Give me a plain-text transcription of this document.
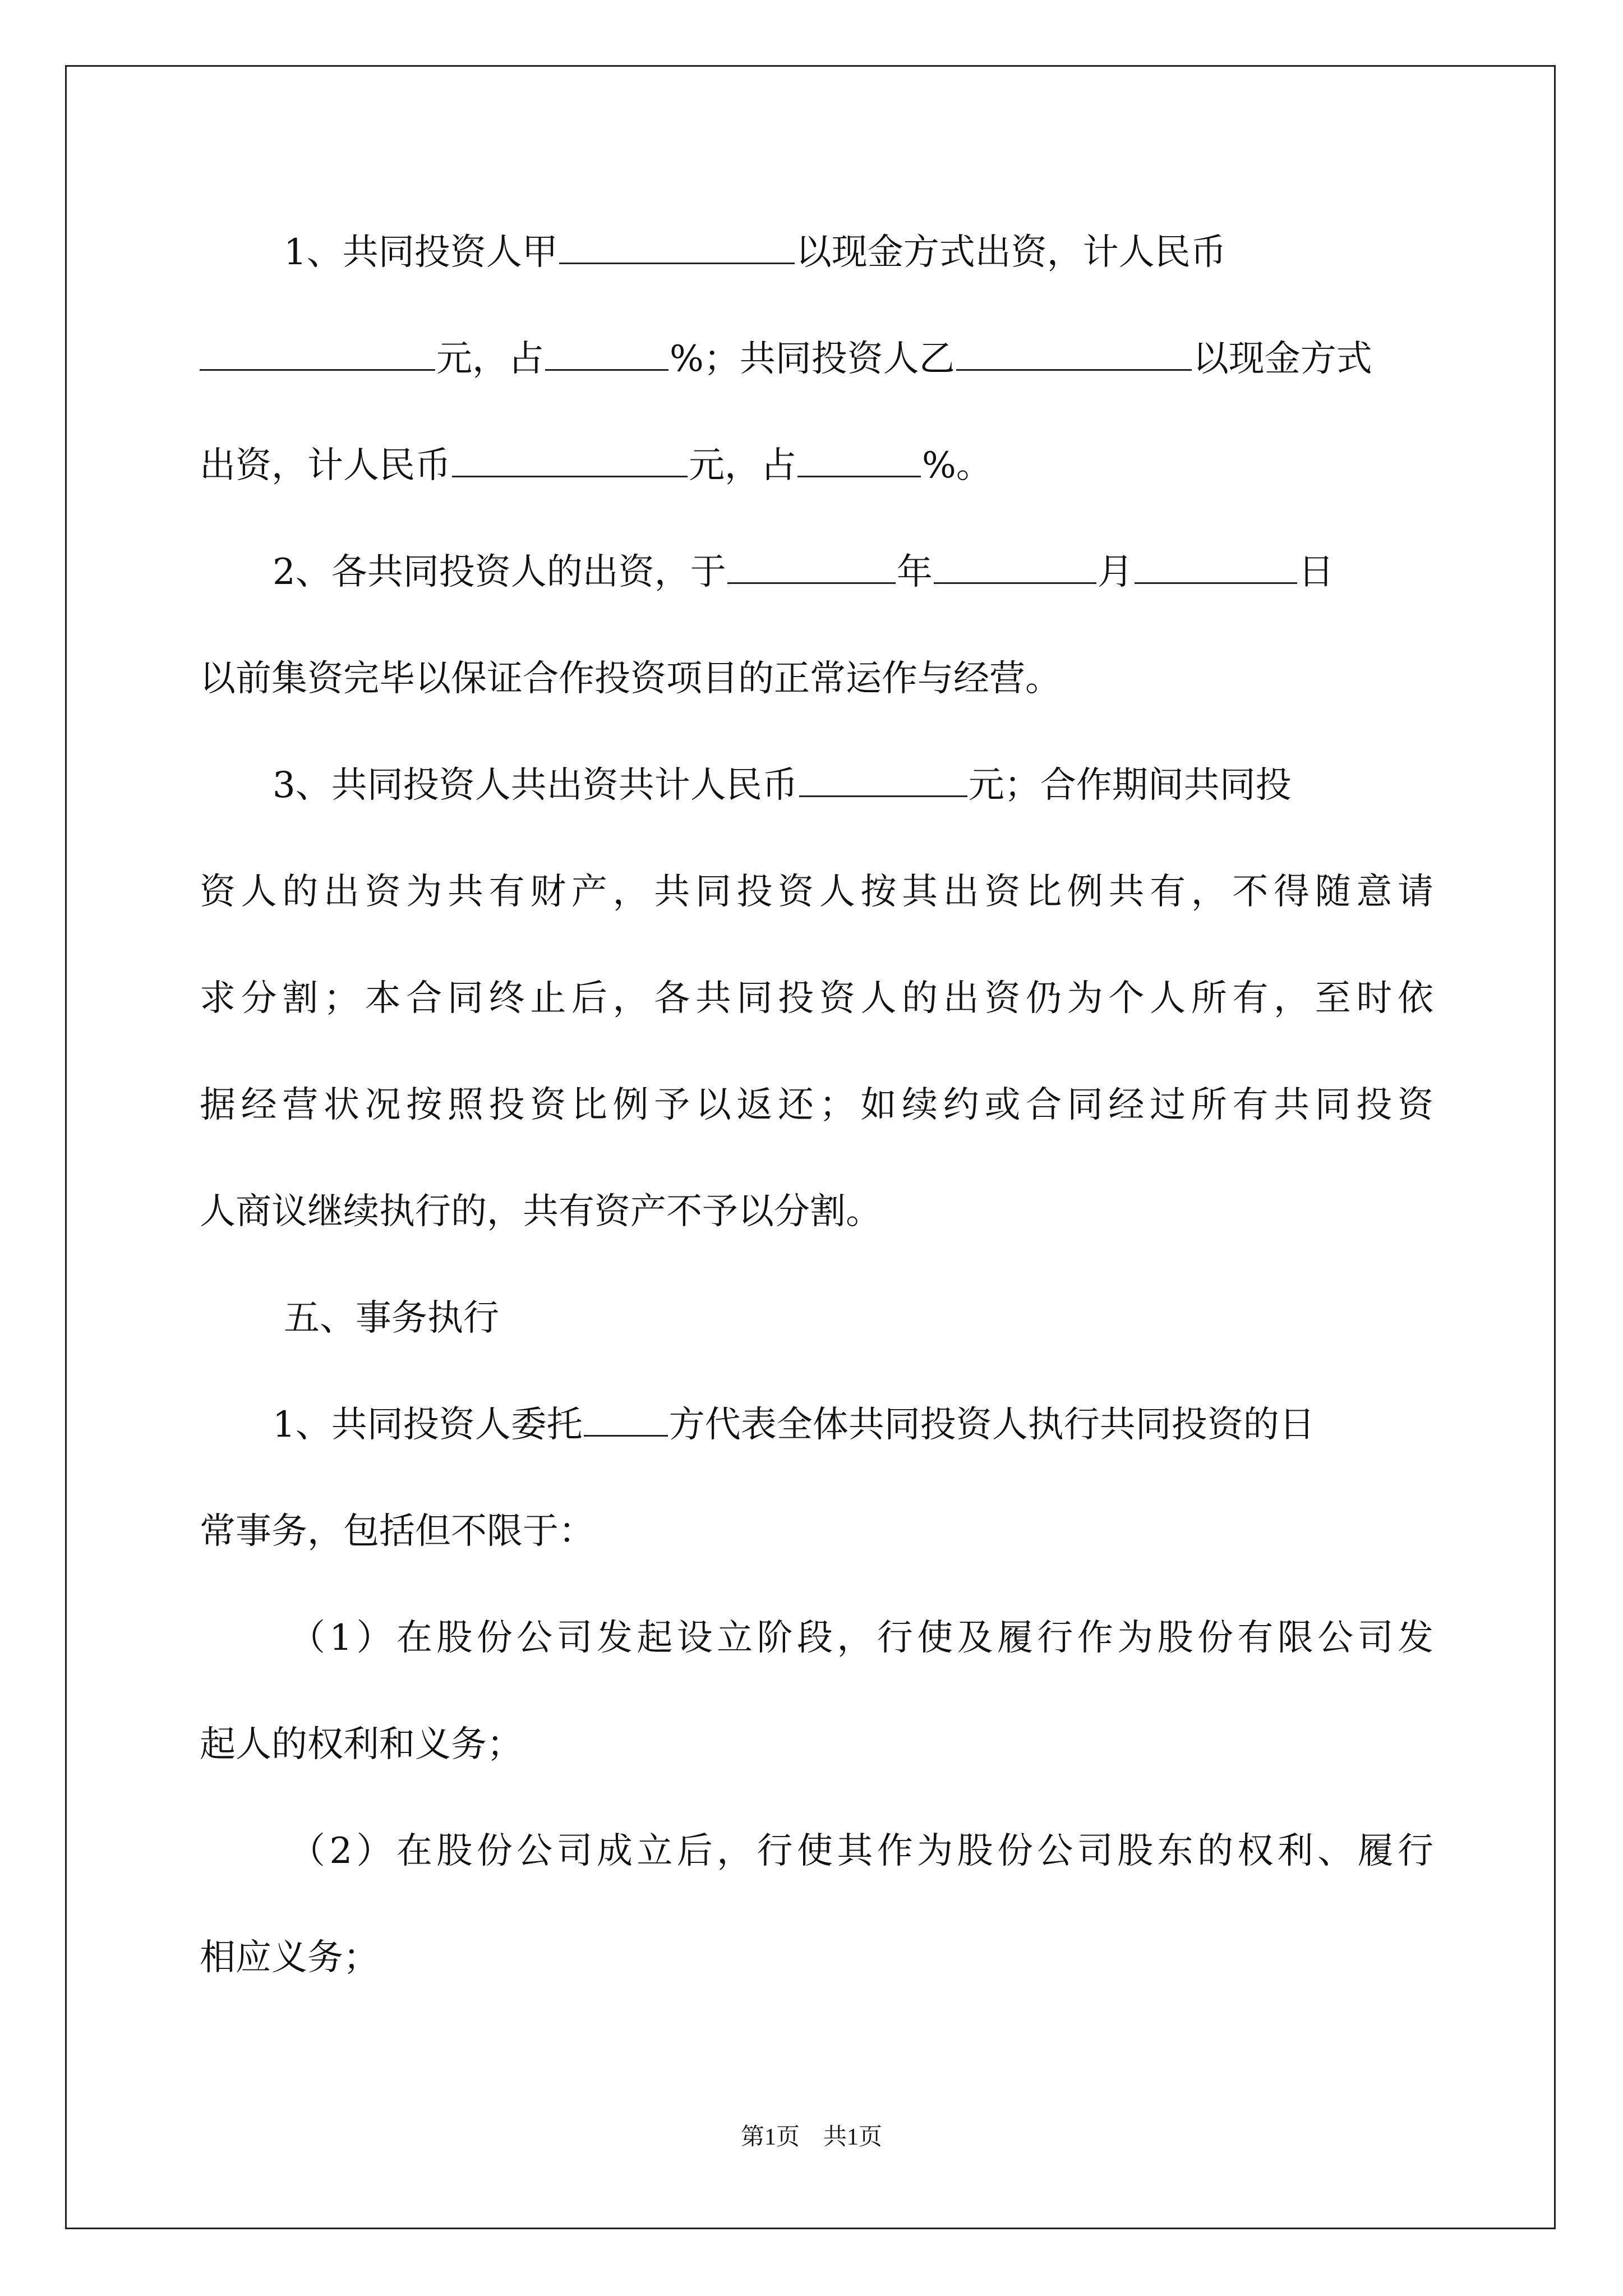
1、共同投资人甲	以现金方式出资，计人民币
元，占	%；共同投资人乙	以现金方式
出资，计人民币	元，占	%。
2、各共同投资人的出资，于	年	月	日
以前集资完毕以保证合作投资项目的正常运作与经营。
3、共同投资人共出资共计人民币	元；合作期间共同投
资人的出资为共有财产，共同投资人按其出资比例共有，不得随意请
求分割；本合同终止后，各共同投资人的出资仍为个人所有，至时依
据经营状况按照投资比例予以返还；如续约或合同经过所有共同投资
人商议继续执行的，共有资产不予以分割。
五、事务执行
1、共同投资人委托 方代表全体共同投资人执行共同投资的日
常事务，包括但不限于：
（1）在股份公司发起设立阶段，行使及履行作为股份有限公司发
起人的权利和义务；
（2）在股份公司成立后，行使其作为股份公司股东的权利、履行
相应义务；
第1页　共1页
